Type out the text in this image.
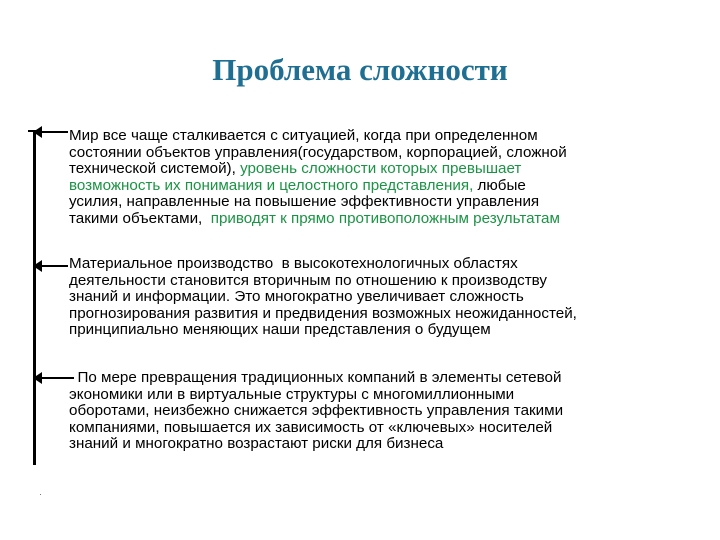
Проблема сложности
Мир все чаще сталкивается с ситуацией, когда при определенном
состоянии объектов управления(государством, корпорацией, сложной
технической системой), уровень сложности которых превышает
возможность их понимания и целостного представления, любые
усилия, направленные на повышение эффективности управления
такими объектами,  приводят к прямо противоположным результатам
Материальное производство  в высокотехнологичных областях
деятельности становится вторичным по отношению к производству
знаний и информации. Это многократно увеличивает сложность
прогнозирования развития и предвидения возможных неожиданностей,
принципиально меняющих наши представления о будущем
По мере превращения традиционных компаний в элементы сетевой
экономики или в виртуальные структуры с многомиллионными
оборотами, неизбежно снижается эффективность управления такими
компаниями, повышается их зависимость от «ключевых» носителей
знаний и многократно возрастают риски для бизнеса
